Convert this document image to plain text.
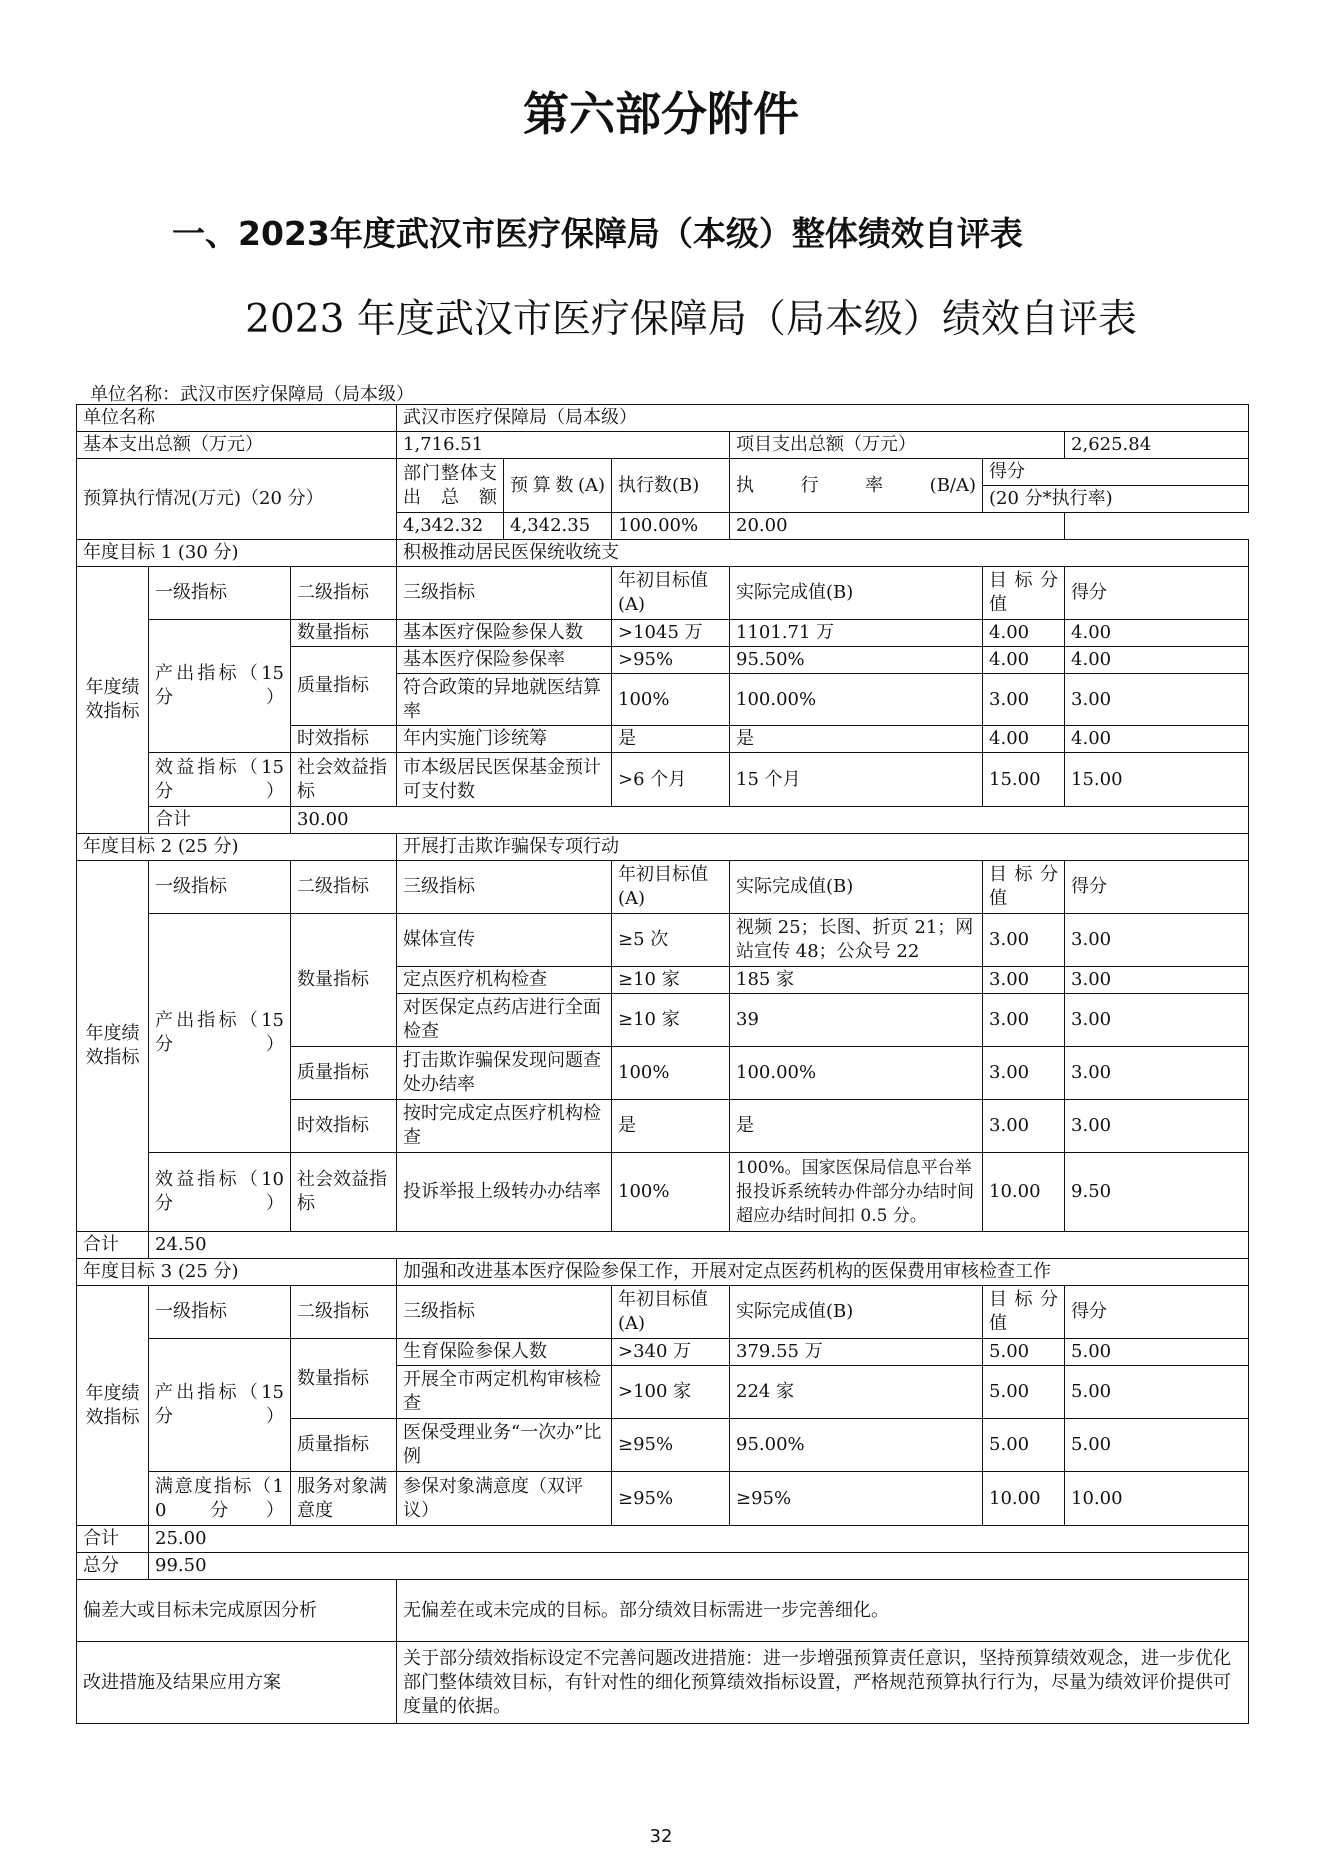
第六部分附件
一、2023年度武汉市医疗保障局（本级）整体绩效自评表
2023 年度武汉市医疗保障局（局本级）绩效自评表
单位名称：武汉市医疗保障局（局本级）
单位名称			武汉市医疗保障局（局本级）					
基本支出总额（万元）			1,716.51			项目支出总额（万元）		2,625.84
预算执行情况(万元)（20 分）			部门整体支出总额	预算数(A)	执行数(B)	执行率(B/A)	得分	
							(20 分*执行率)	
			4,342.32	4,342.35	100.00%	20.00		
年度目标 1 (30 分)			积极推动居民医保统收统支					
年度绩效指标	一级指标	二级指标	三级指标		年初目标值(A)	实际完成值(B)	目标分值	得分
	产出指标（15 分）	数量指标	基本医疗保险参保人数		>1045 万	1101.71 万	4.00	4.00
		质量指标	基本医疗保险参保率		>95%	95.50%	4.00	4.00
			符合政策的异地就医结算率		100%	100.00%	3.00	3.00
		时效指标	年内实施门诊统筹		是	是	4.00	4.00
	效益指标（15 分）	社会效益指标	市本级居民医保基金预计可支付数		>6 个月	15 个月	15.00	15.00
	合计	30.00						
年度目标 2 (25 分)			开展打击欺诈骗保专项行动					
年度绩效指标	一级指标	二级指标	三级指标		年初目标值(A)	实际完成值(B)	目标分值	得分
	产出指标（15 分）	数量指标	媒体宣传		≥5 次	视频 25；长图、折页 21；网站宣传 48；公众号 22	3.00	3.00
			定点医疗机构检查		≥10 家	185 家	3.00	3.00
			对医保定点药店进行全面检查		≥10 家	39	3.00	3.00
		质量指标	打击欺诈骗保发现问题查处办结率		100%	100.00%	3.00	3.00
		时效指标	按时完成定点医疗机构检查		是	是	3.00	3.00
	效益指标（10 分）	社会效益指标	投诉举报上级转办办结率		100%	100%。国家医保局信息平台举报投诉系统转办件部分办结时间超应办结时间扣 0.5 分。	10.00	9.50
合计	24.50							
年度目标 3 (25 分)			加强和改进基本医疗保险参保工作，开展对定点医药机构的医保费用审核检查工作					
年度绩效指标	一级指标	二级指标	三级指标		年初目标值(A)	实际完成值(B)	目标分值	得分
	产出指标（15 分）	数量指标	生育保险参保人数		>340 万	379.55 万	5.00	5.00
			开展全市两定机构审核检查		>100 家	224 家	5.00	5.00
		质量指标	医保受理业务“一次办”比例		≥95%	95.00%	5.00	5.00
	满意度指标（10 分）	服务对象满意度	参保对象满意度（双评议）		≥95%	≥95%	10.00	10.00
合计	25.00							
总分	99.50							
偏差大或目标未完成原因分析			无偏差在或未完成的目标。部分绩效目标需进一步完善细化。					
改进措施及结果应用方案			关于部分绩效指标设定不完善问题改进措施：进一步增强预算责任意识，坚持预算绩效观念，进一步优化部门整体绩效目标，有针对性的细化预算绩效指标设置，严格规范预算执行行为，尽量为绩效评价提供可度量的依据。					
32
